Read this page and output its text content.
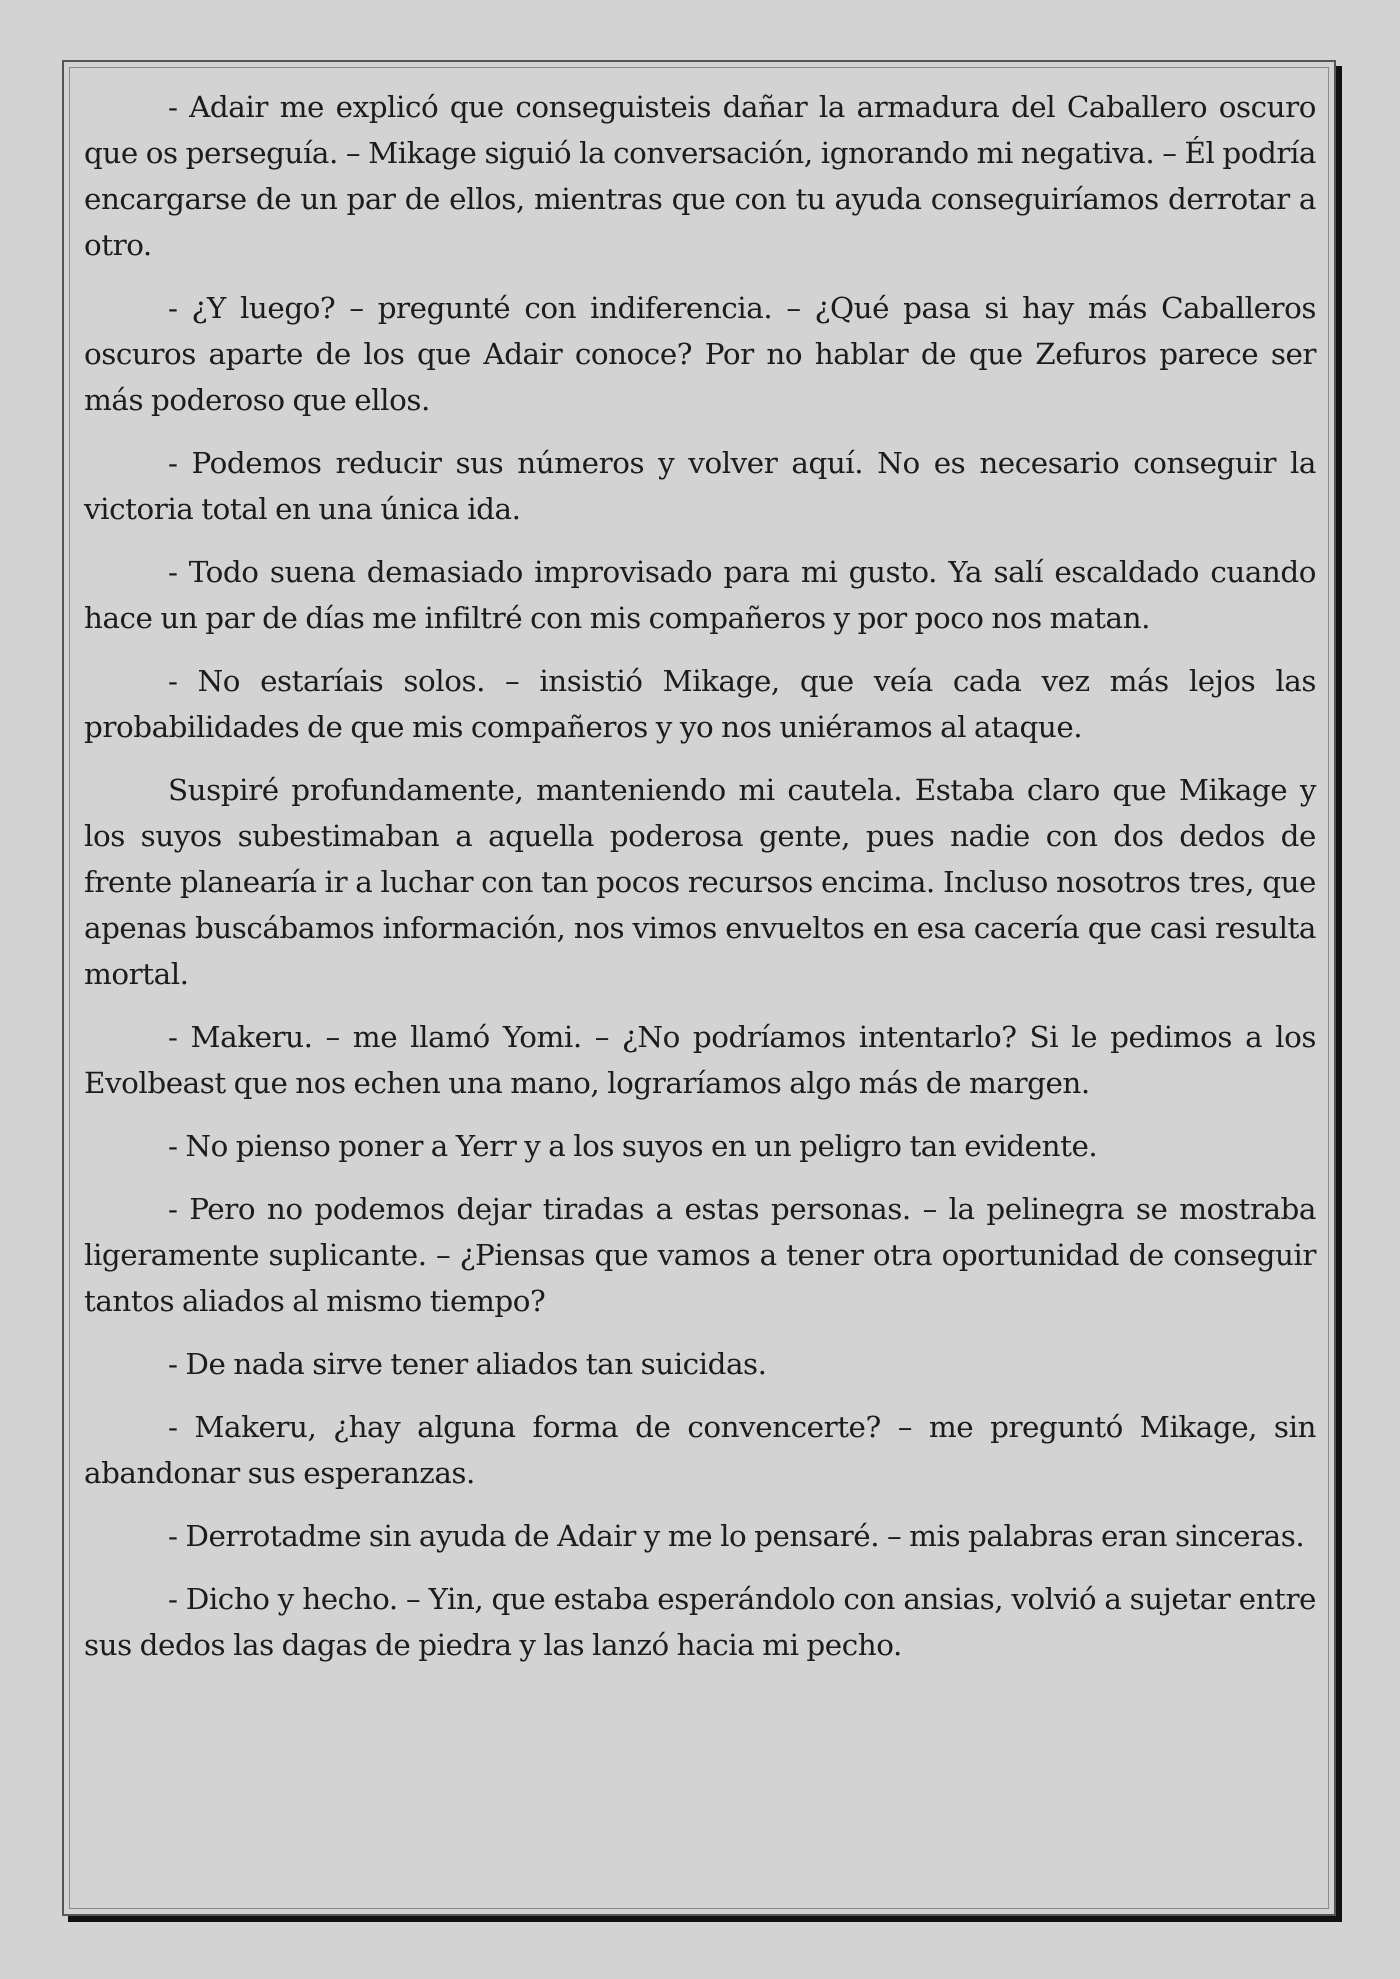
- Adair me explicó que conseguisteis dañar la armadura del Caballero oscuro que os perseguía. – Mikage siguió la conversación, ignorando mi negativa. – Él podría encargarse de un par de ellos, mientras que con tu ayuda conseguiríamos derrotar a otro.

- ¿Y luego? – pregunté con indiferencia. – ¿Qué pasa si hay más Caballeros oscuros aparte de los que Adair conoce? Por no hablar de que Zefuros parece ser más poderoso que ellos.

- Podemos reducir sus números y volver aquí. No es necesario conseguir la victoria total en una única ida.

- Todo suena demasiado improvisado para mi gusto. Ya salí escaldado cuando hace un par de días me infiltré con mis compañeros y por poco nos matan.

- No estaríais solos. – insistió Mikage, que veía cada vez más lejos las probabilidades de que mis compañeros y yo nos uniéramos al ataque.

Suspiré profundamente, manteniendo mi cautela. Estaba claro que Mikage y los suyos subestimaban a aquella poderosa gente, pues nadie con dos dedos de frente planearía ir a luchar con tan pocos recursos encima. Incluso nosotros tres, que apenas buscábamos información, nos vimos envueltos en esa cacería que casi resulta mortal.

- Makeru. – me llamó Yomi. – ¿No podríamos intentarlo? Si le pedimos a los Evolbeast que nos echen una mano, lograríamos algo más de margen.

- No pienso poner a Yerr y a los suyos en un peligro tan evidente.

- Pero no podemos dejar tiradas a estas personas. – la pelinegra se mostraba ligeramente suplicante. – ¿Piensas que vamos a tener otra oportunidad de conseguir tantos aliados al mismo tiempo?

- De nada sirve tener aliados tan suicidas.

- Makeru, ¿hay alguna forma de convencerte? – me preguntó Mikage, sin abandonar sus esperanzas.

- Derrotadme sin ayuda de Adair y me lo pensaré. – mis palabras eran sinceras.

- Dicho y hecho. – Yin, que estaba esperándolo con ansias, volvió a sujetar entre sus dedos las dagas de piedra y las lanzó hacia mi pecho.
